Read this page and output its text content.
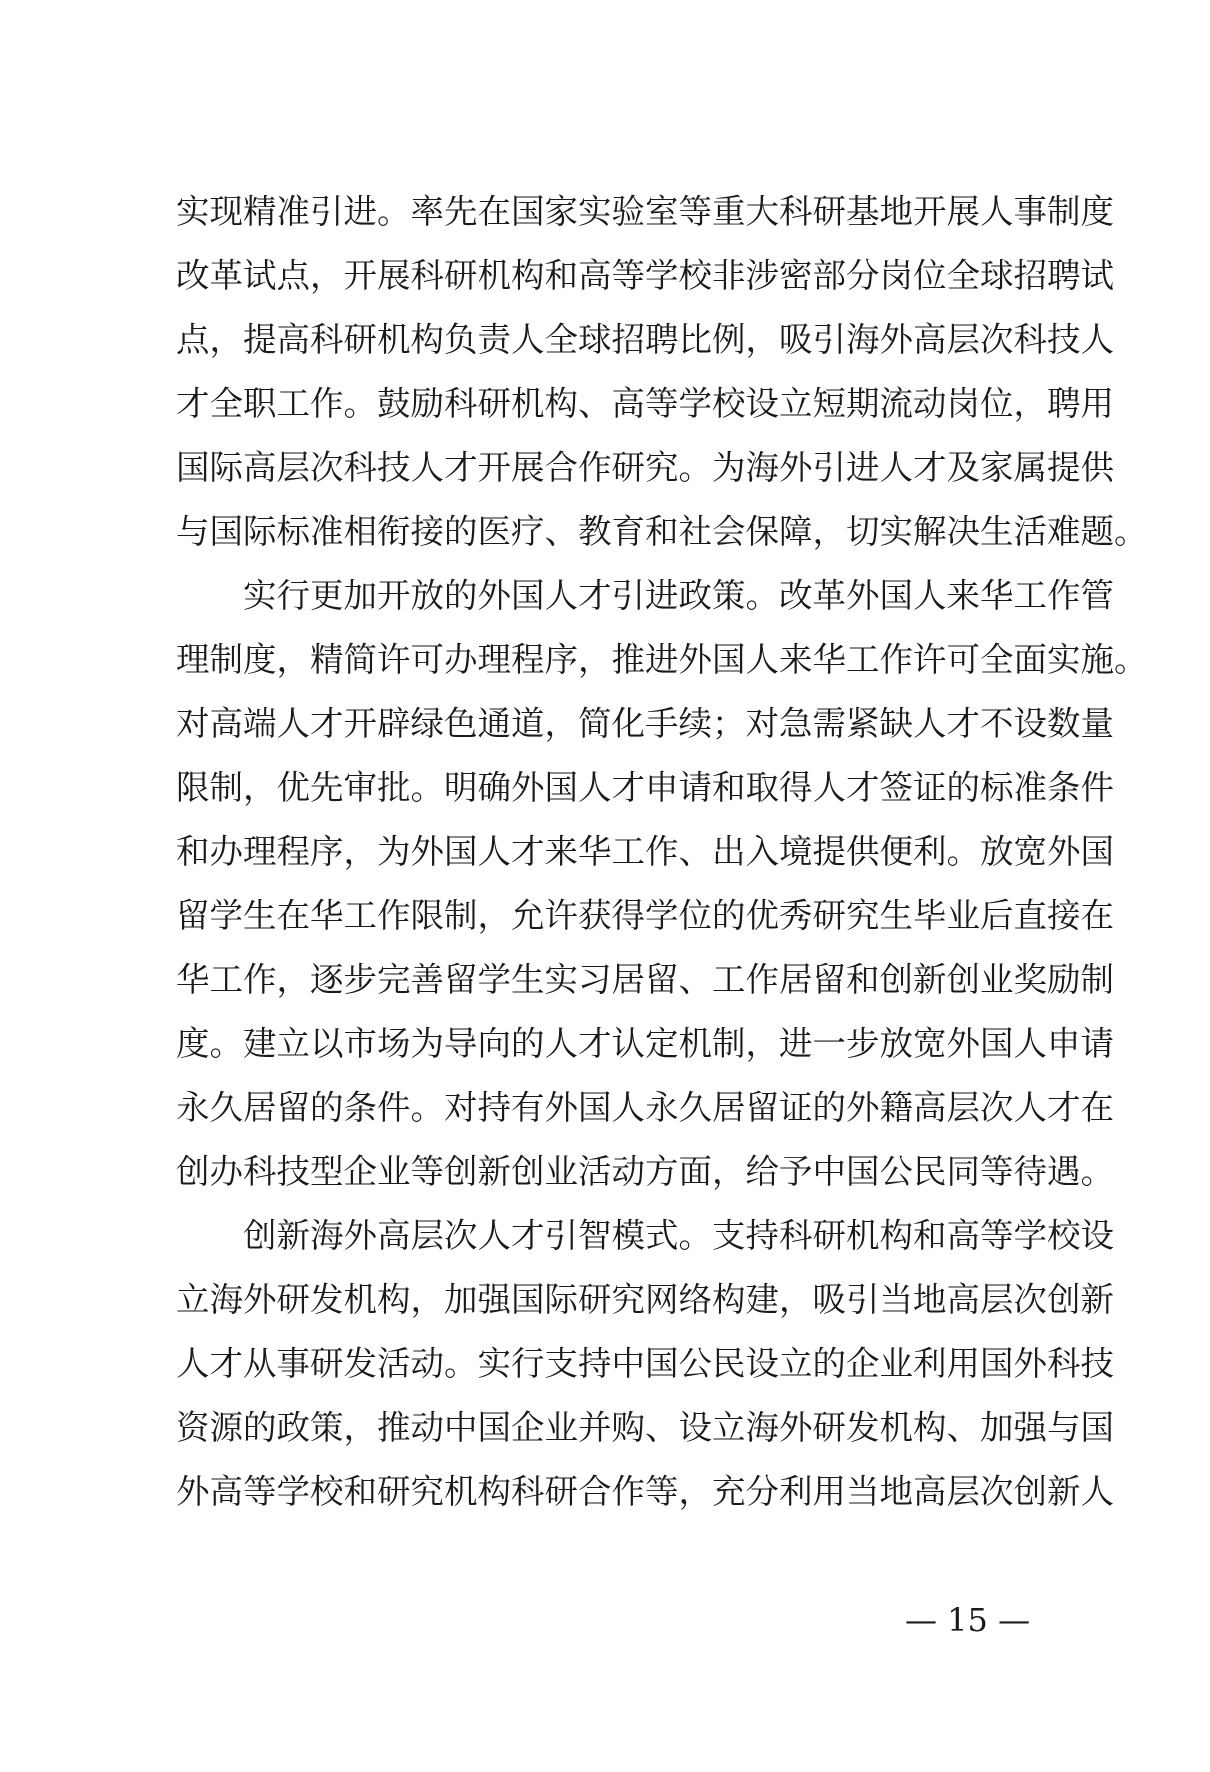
实现精准引进。率先在国家实验室等重大科研基地开展人事制度
改革试点，开展科研机构和高等学校非涉密部分岗位全球招聘试
点，提高科研机构负责人全球招聘比例，吸引海外高层次科技人
才全职工作。鼓励科研机构、高等学校设立短期流动岗位，聘用
国际高层次科技人才开展合作研究。为海外引进人才及家属提供
与国际标准相衔接的医疗、教育和社会保障，切实解决生活难题。
　　实行更加开放的外国人才引进政策。改革外国人来华工作管
理制度，精简许可办理程序，推进外国人来华工作许可全面实施。
对高端人才开辟绿色通道，简化手续；对急需紧缺人才不设数量
限制，优先审批。明确外国人才申请和取得人才签证的标准条件
和办理程序，为外国人才来华工作、出入境提供便利。放宽外国
留学生在华工作限制，允许获得学位的优秀研究生毕业后直接在
华工作，逐步完善留学生实习居留、工作居留和创新创业奖励制
度。建立以市场为导向的人才认定机制，进一步放宽外国人申请
永久居留的条件。对持有外国人永久居留证的外籍高层次人才在
创办科技型企业等创新创业活动方面，给予中国公民同等待遇。
　　创新海外高层次人才引智模式。支持科研机构和高等学校设
立海外研发机构，加强国际研究网络构建，吸引当地高层次创新
人才从事研发活动。实行支持中国公民设立的企业利用国外科技
资源的政策，推动中国企业并购、设立海外研发机构、加强与国
外高等学校和研究机构科研合作等，充分利用当地高层次创新人
— 15 —
